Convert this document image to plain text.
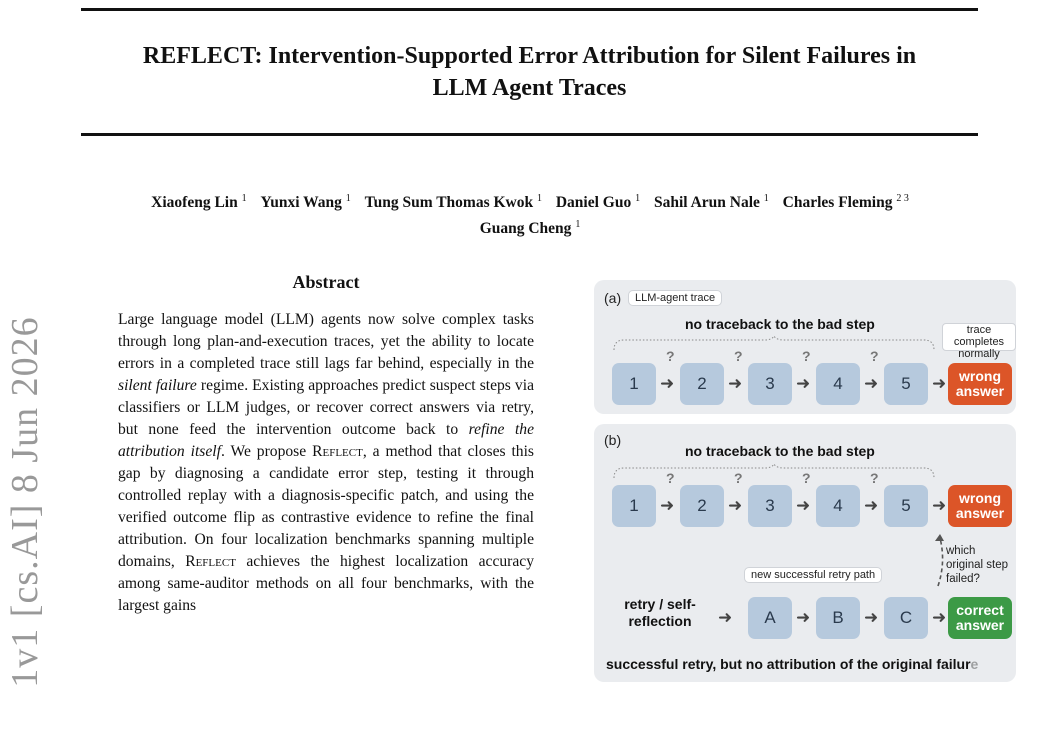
REFLECT: Intervention-Supported Error Attribution for Silent Failures in
LLM Agent Traces
Xiaofeng Lin $^1$ Yunxi Wang $^1$ Tung Sum Thomas Kwok $^1$ Daniel Guo $^1$ Sahil Arun Nale $^1$ Charles Fleming $^{2 3}$
Guang Cheng $^1$
1v1 [cs.AI] 8 Jun 2026
Abstract
Large language model (LLM) agents now solve complex tasks through long plan-and-execution traces, yet the ability to locate errors in a completed trace still lags far behind, especially in the silent failure regime. Existing approaches predict suspect steps via classifiers or LLM judges, or recover correct answers via retry, but none feed the intervention outcome back to refine the attribution itself. We propose Reflect, a method that closes this gap by diagnosing a candidate error step, testing it through controlled replay with a diagnosis-specific patch, and using the verified outcome flip as contrastive evidence to refine the final attribution. On four localization benchmarks spanning multiple domains, Reflect achieves the highest localization accuracy among same-auditor methods on all four benchmarks, with the largest gains
(a)	LLM-agent trace
no traceback to the bad step	trace completes normally
?	?	?	?
1	➜	2	➜	3	➜	4	➜	5	➜ wrong answer
(b)
no traceback to the bad step
?	?	?	?
1	➜	2	➜	3	➜	4	➜	5	➜ wrong answer
which original step failed?
new successful retry path
retry / self-reflection	➜	A	➜	B	➜	C	➜ correct answer
successful retry, but no attribution of the original failure
